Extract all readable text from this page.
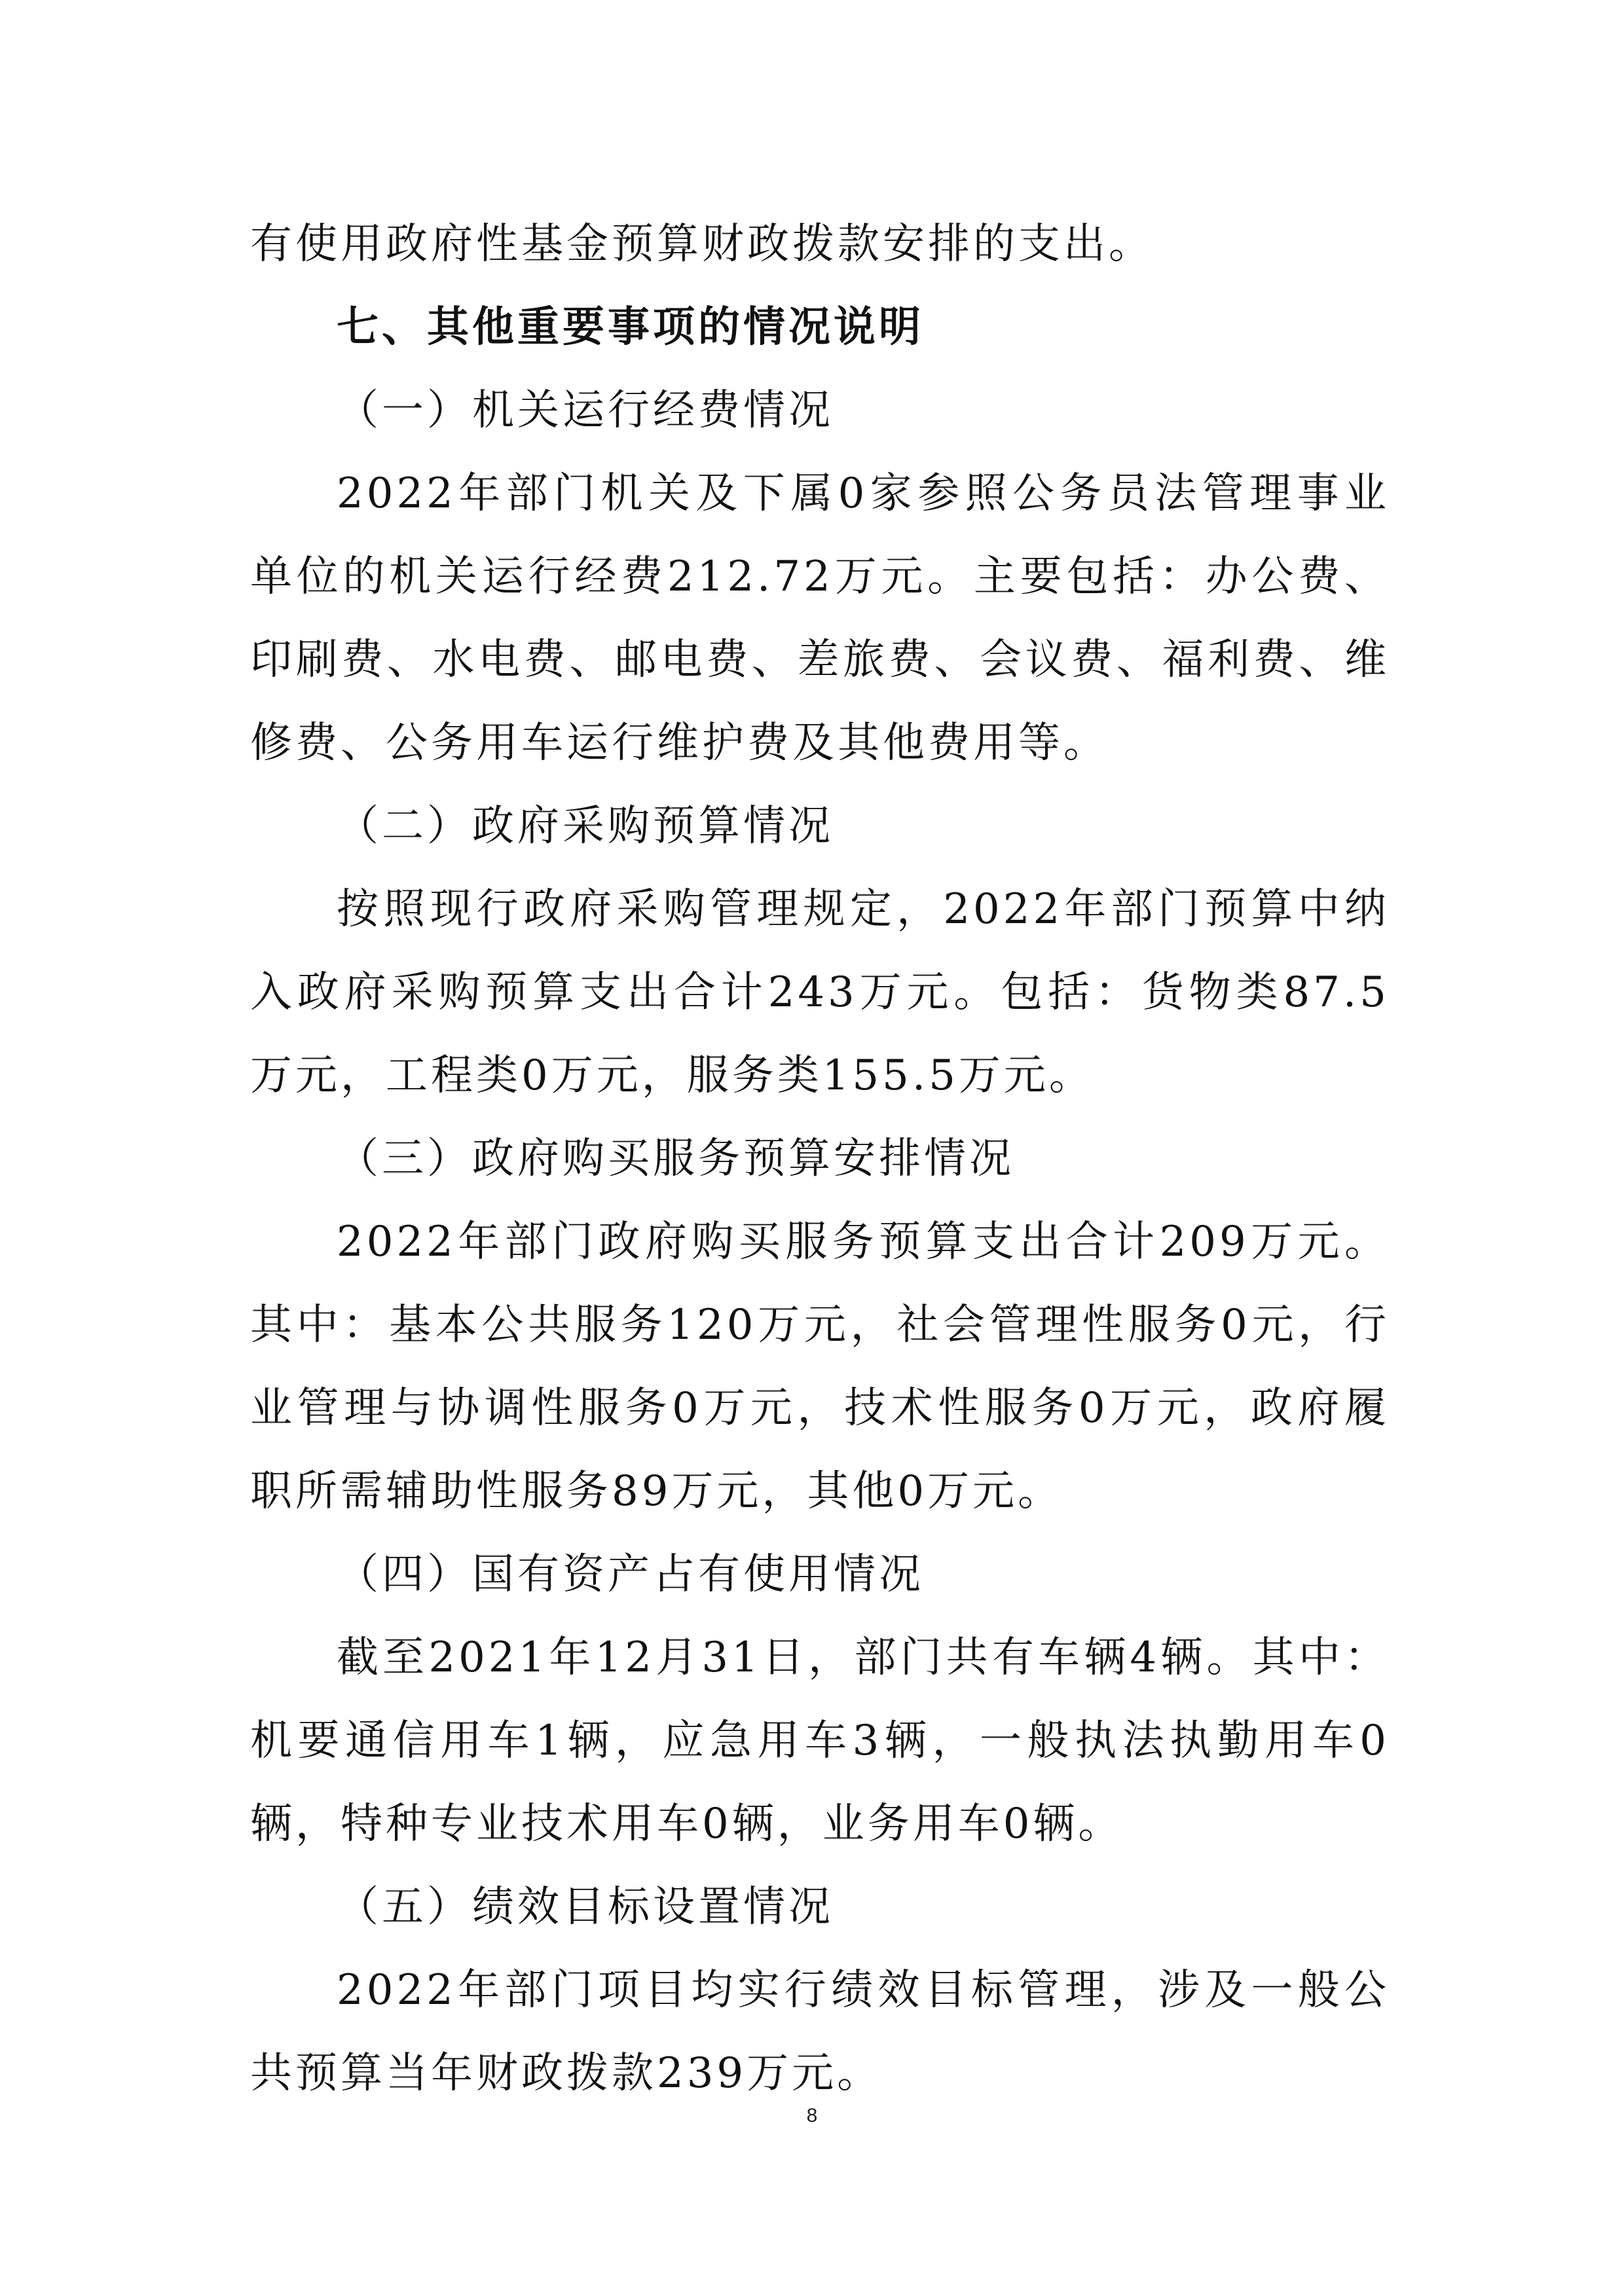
有使用政府性基金预算财政拨款安排的支出。

七、其他重要事项的情况说明

（一）机关运行经费情况

2022年部门机关及下属0家参照公务员法管理事业单位的机关运行经费212.72万元。主要包括：办公费、印刷费、水电费、邮电费、差旅费、会议费、福利费、维修费、公务用车运行维护费及其他费用等。

（二）政府采购预算情况

按照现行政府采购管理规定，2022年部门预算中纳入政府采购预算支出合计243万元。包括：货物类87.5万元，工程类0万元，服务类155.5万元。

（三）政府购买服务预算安排情况

2022年部门政府购买服务预算支出合计209万元。其中：基本公共服务120万元，社会管理性服务0元，行业管理与协调性服务0万元，技术性服务0万元，政府履职所需辅助性服务89万元，其他0万元。

（四）国有资产占有使用情况

截至2021年12月31日，部门共有车辆4辆。其中：机要通信用车1辆，应急用车3辆，一般执法执勤用车0辆，特种专业技术用车0辆，业务用车0辆。

（五）绩效目标设置情况

2022年部门项目均实行绩效目标管理，涉及一般公共预算当年财政拨款239万元。

8
